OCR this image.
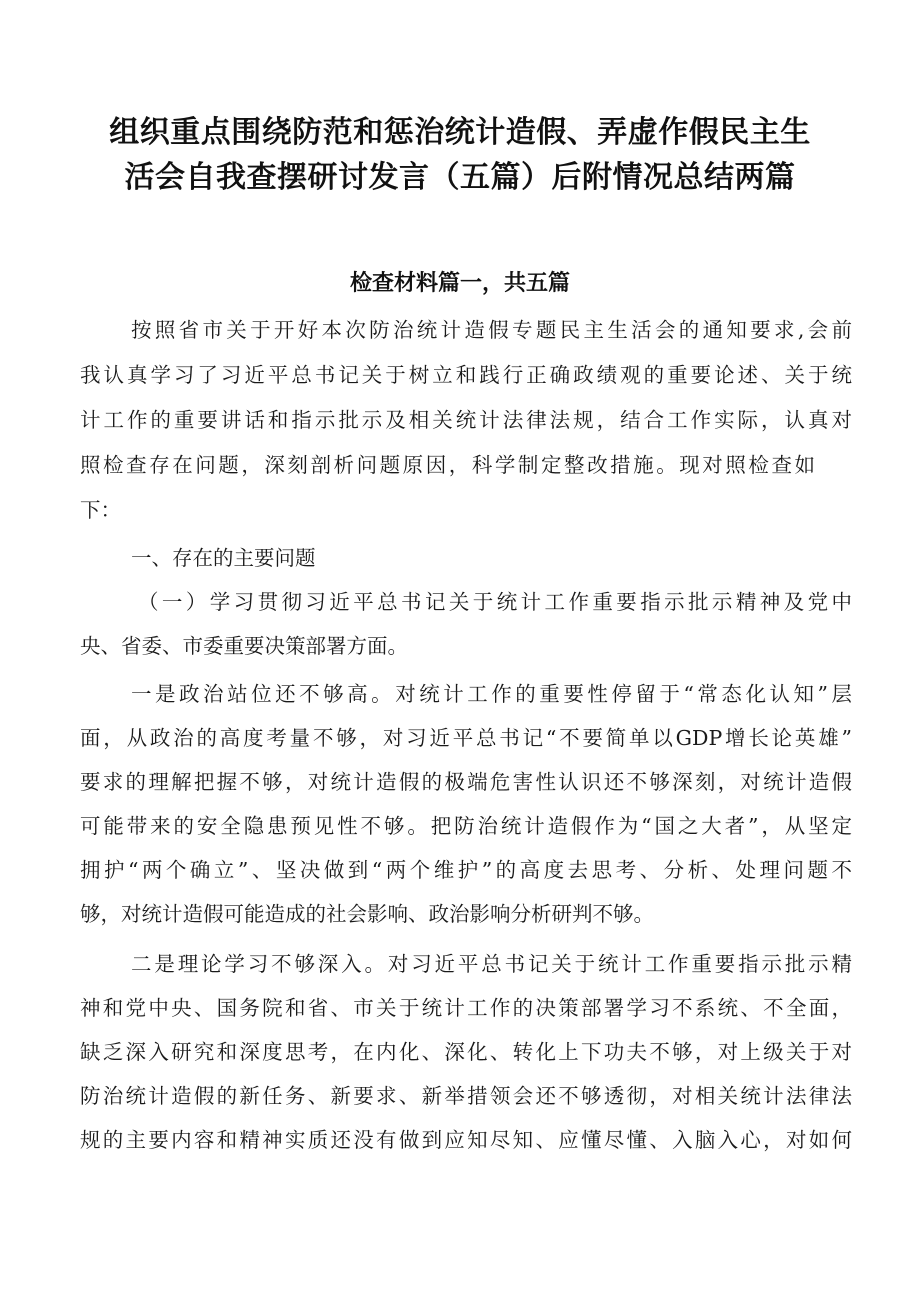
组织重点围绕防范和惩治统计造假、弄虚作假民主生
活会自我查摆研讨发言（五篇）后附情况总结两篇
检查材料篇一，共五篇
按照省市关于开好本次防治统计造假专题民主生活会的通知要求,会前
我认真学习了习近平总书记关于树立和践行正确政绩观的重要论述、关于统
计工作的重要讲话和指示批示及相关统计法律法规，结合工作实际，认真对
照检查存在问题，深刻剖析问题原因，科学制定整改措施。现对照检查如
下：
一、存在的主要问题
（一）学习贯彻习近平总书记关于统计工作重要指示批示精神及党中
央、省委、市委重要决策部署方面。
一是政治站位还不够高。对统计工作的重要性停留于“常态化认知”层
面，从政治的高度考量不够，对习近平总书记“不要简单以GDP增长论英雄”
要求的理解把握不够，对统计造假的极端危害性认识还不够深刻，对统计造假
可能带来的安全隐患预见性不够。把防治统计造假作为“国之大者”，从坚定
拥护“两个确立”、坚决做到“两个维护”的高度去思考、分析、处理问题不
够，对统计造假可能造成的社会影响、政治影响分析研判不够。
二是理论学习不够深入。对习近平总书记关于统计工作重要指示批示精
神和党中央、国务院和省、市关于统计工作的决策部署学习不系统、不全面，
缺乏深入研究和深度思考，在内化、深化、转化上下功夫不够，对上级关于对
防治统计造假的新任务、新要求、新举措领会还不够透彻，对相关统计法律法
规的主要内容和精神实质还没有做到应知尽知、应懂尽懂、入脑入心，对如何
